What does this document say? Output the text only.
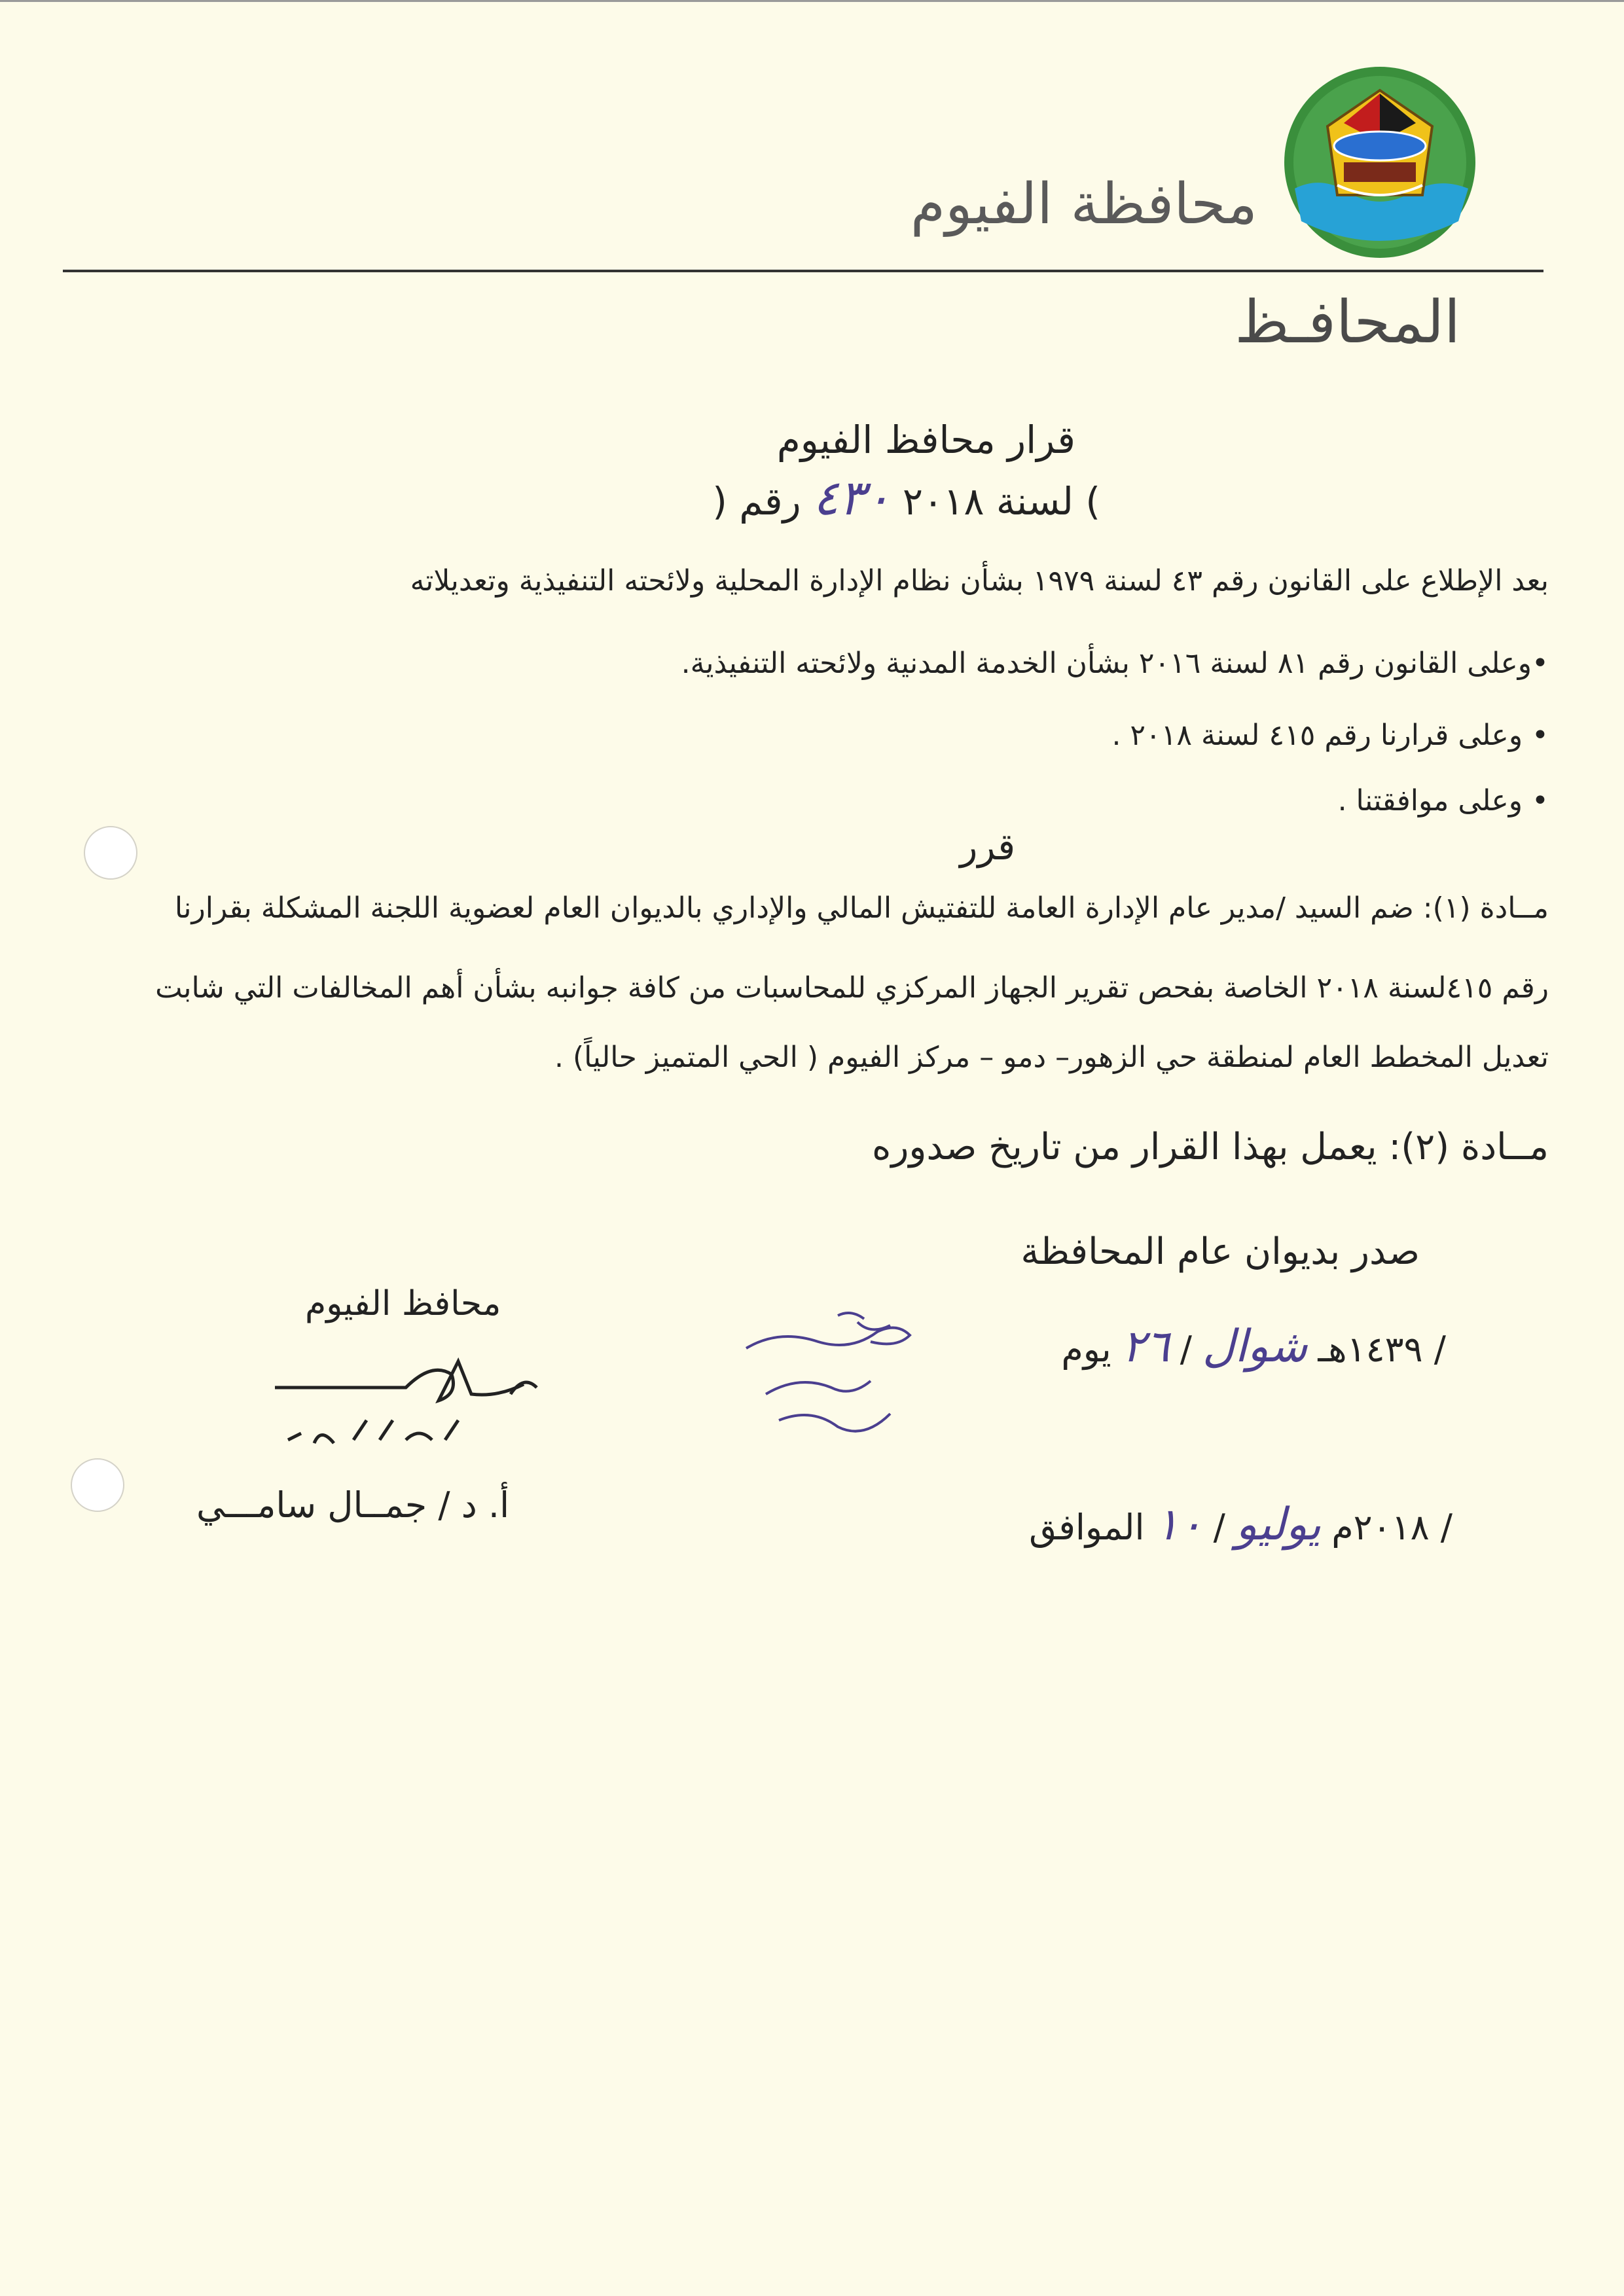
محافظة الفيوم
المحافـظ
قرار محافظ الفيوم
رقم ( ٤٣٠ ) لسنة ٢٠١٨
بعد الإطلاع على القانون رقم ٤٣ لسنة ١٩٧٩ بشأن نظام الإدارة المحلية ولائحته التنفيذية وتعديلاته
•وعلى القانون رقم ٨١ لسنة ٢٠١٦ بشأن الخدمة المدنية ولائحته التنفيذية.
• وعلى قرارنا رقم ٤١٥ لسنة ٢٠١٨ .
• وعلى موافقتنا .
قرر
مــادة (١): ضم السيد /مدير عام الإدارة العامة للتفتيش المالي والإداري بالديوان العام لعضوية اللجنة المشكلة بقرارنا
رقم ٤١٥لسنة ٢٠١٨ الخاصة بفحص تقرير الجهاز المركزي للمحاسبات من كافة جوانبه بشأن أهم المخالفات التي شابت
تعديل المخطط العام لمنطقة حي الزهور– دمو – مركز الفيوم ( الحي المتميز حالياً) .
مــادة (٢): يعمل بهذا القرار من تاريخ صدوره
صدر بديوان عام المحافظة
يوم ٢٦ / شوال / ١٤٣٩هـ
الموافق ١٠ / يوليو / ٢٠١٨م
محافظ الفيوم
أ. د / جمــال سامـــي
